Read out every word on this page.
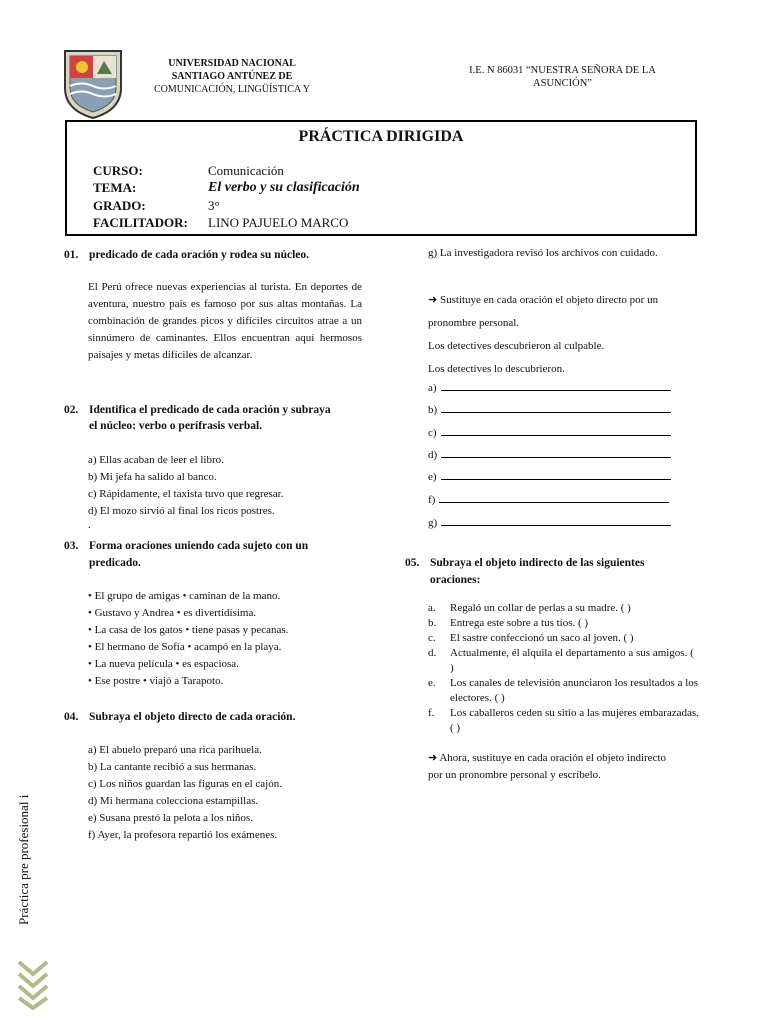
UNIVERSIDAD NACIONAL
SANTIAGO ANTÚNEZ DE
COMUNICACIÓN, LINGÜÍSTICA Y
I.E. N 86031 “NUESTRA SEÑORA DE LA
ASUNCIÓN”
PRÁCTICA DIRIGIDA
CURSO:	Comunicación
TEMA:	El verbo y su clasificación
GRADO:	3°
FACILITADOR:	LINO PAJUELO MARCO
01. predicado de cada oración y rodea su núcleo.
El Perú ofrece nuevas experiencias al turista. En deportes de aventura, nuestro país es famoso por sus altas montañas. La combinación de grandes picos y difíciles circuitos atrae a un sinnúmero de caminantes. Ellos encuentran aquí hermosos paisajes y metas difíciles de alcanzar.
02. Identifica el predicado de cada oración y subraya
el núcleo: verbo o perífrasis verbal.
a) Ellas acaban de leer el libro.
b) Mi jefa ha salido al banco.
c) Rápidamente, el taxista tuvo que regresar.
d) El mozo sirvió al final los ricos postres.
.
03. Forma oraciones uniendo cada sujeto con un
predicado.
• El grupo de amigas • caminan de la mano.
• Gustavo y Andrea • es divertidísima.
• La casa de los gatos • tiene pasas y pecanas.
• El hermano de Sofía • acampó en la playa.
• La nueva película • es espaciosa.
• Ese postre • viajó a Tarapoto.
04. Subraya el objeto directo de cada oración.
a) El abuelo preparó una rica parihuela.
b) La cantante recibió a sus hermanas.
c) Los niños guardan las figuras en el cajón.
d) Mi hermana colecciona estampillas.
e) Susana prestó la pelota a los niños.
f) Ayer, la profesora repartió los exámenes.
g) La investigadora revisó los archivos con cuidado.
➜ Sustituye en cada oración el objeto directo por un
pronombre personal.
Los detectives descubrieron al culpable.
Los detectives lo descubrieron.
a)
b)
c)
d)
e)
f)
g)
05. Subraya el objeto indirecto de las siguientes
oraciones:
a. Regaló un collar de perlas a su madre. ( )
b. Entrega este sobre a tus tíos. ( )
c. El sastre confeccionó un saco al joven. ( )
d. Actualmente, él alquila el departamento a sus amigos. ( )
e. Los canales de televisión anunciaron los resultados a los electores. ( )
f. Los caballeros ceden su sitio a las mujeres embarazadas. ( )
➜ Ahora, sustituye en cada oración el objeto indirecto
por un pronombre personal y escríbelo.
Práctica pre profesional i
